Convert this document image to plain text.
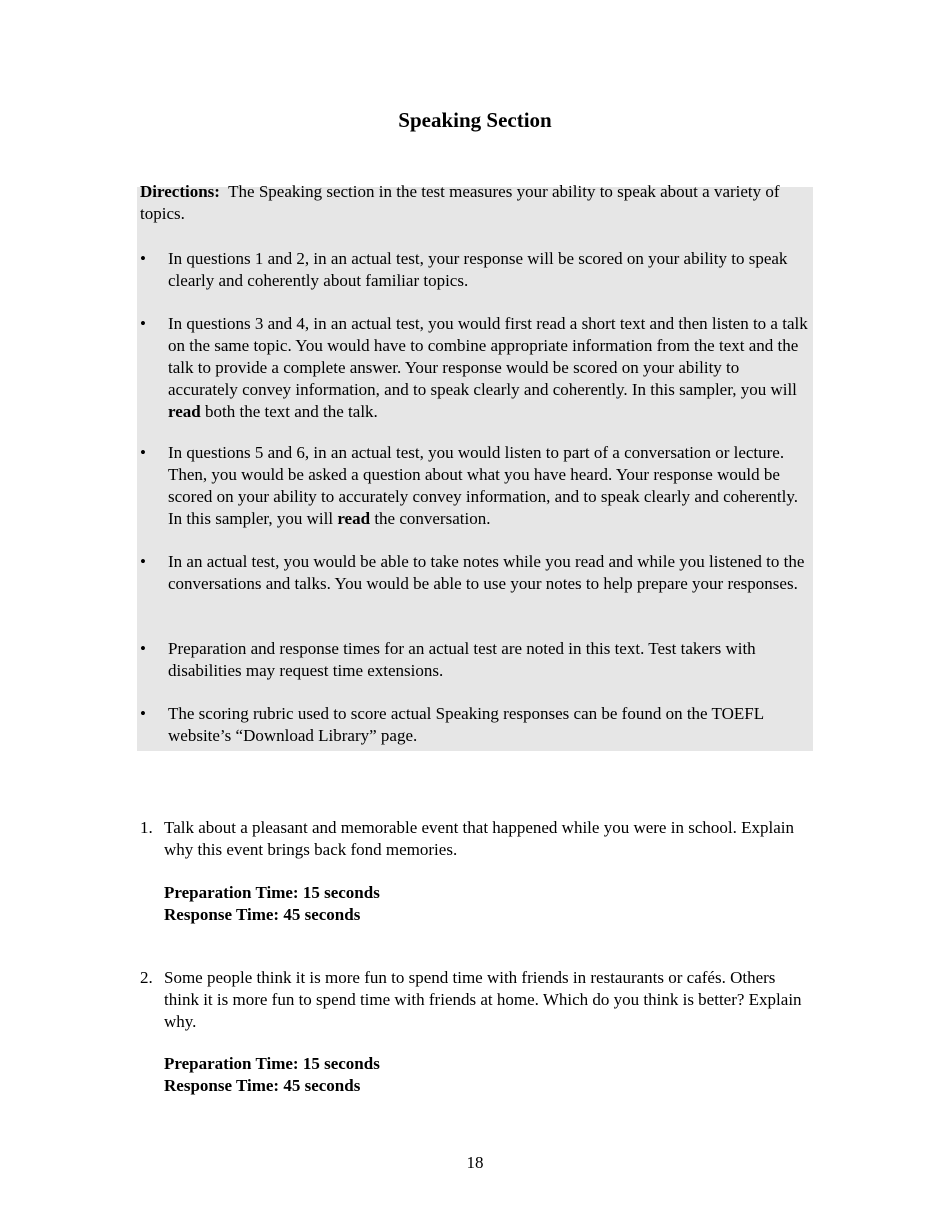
Speaking Section
Directions:  The Speaking section in the test measures your ability to speak about a variety of topics.
•	In questions 1 and 2, in an actual test, your response will be scored on your ability to speak clearly and coherently about familiar topics.
•	In questions 3 and 4, in an actual test, you would first read a short text and then listen to a talk on the same topic. You would have to combine appropriate information from the text and the talk to provide a complete answer. Your response would be scored on your ability to accurately convey information, and to speak clearly and coherently. In this sampler, you will read both the text and the talk.
•	In questions 5 and 6, in an actual test, you would listen to part of a conversation or lecture. Then, you would be asked a question about what you have heard. Your response would be scored on your ability to accurately convey information, and to speak clearly and coherently. In this sampler, you will read the conversation.
•	In an actual test, you would be able to take notes while you read and while you listened to the conversations and talks. You would be able to use your notes to help prepare your responses.
•	Preparation and response times for an actual test are noted in this text. Test takers with disabilities may request time extensions.
•	The scoring rubric used to score actual Speaking responses can be found on the TOEFL website’s “Download Library” page.
1. Talk about a pleasant and memorable event that happened while you were in school. Explain why this event brings back fond memories.
Preparation Time: 15 seconds
Response Time: 45 seconds
2. Some people think it is more fun to spend time with friends in restaurants or cafés. Others think it is more fun to spend time with friends at home. Which do you think is better? Explain why.
Preparation Time: 15 seconds
Response Time: 45 seconds
18
